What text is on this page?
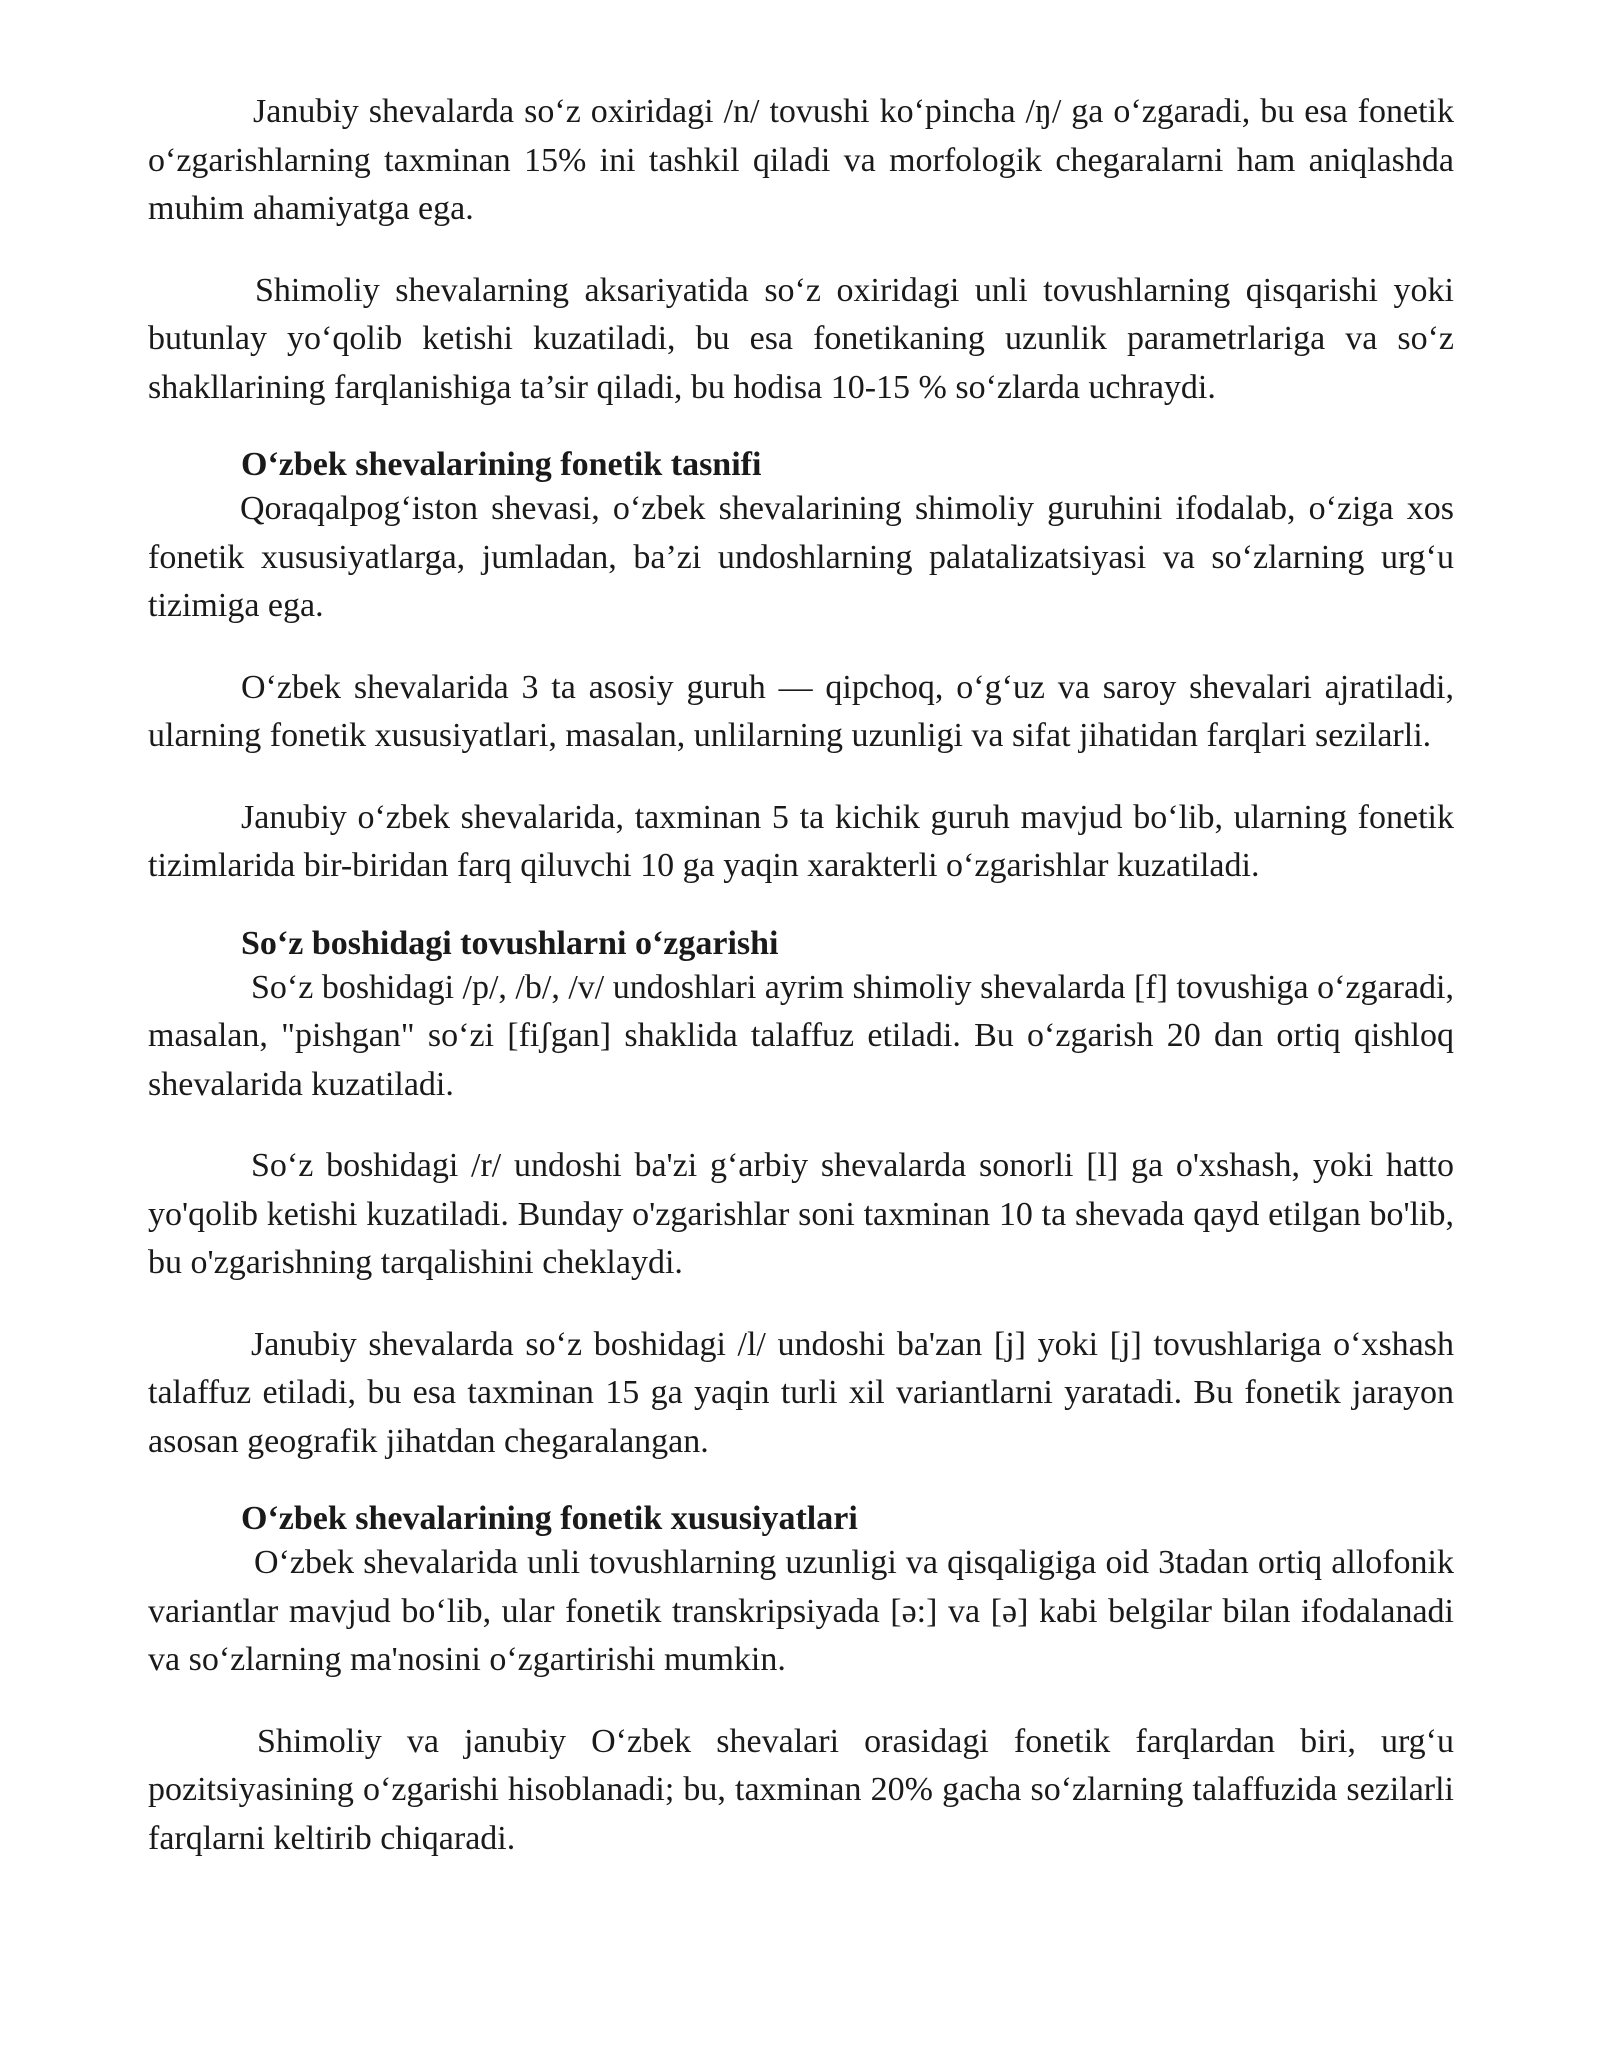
Janubiy shevalarda so‘z oxiridagi /n/ tovushi ko‘pincha /ŋ/ ga o‘zgaradi, bu esa fonetik o‘zgarishlarning taxminan 15% ini tashkil qiladi va morfologik chegaralarni ham aniqlashda muhim ahamiyatga ega.

Shimoliy shevalarning aksariyatida so‘z oxiridagi unli tovushlarning qisqarishi yoki butunlay yo‘qolib ketishi kuzatiladi, bu esa fonetikaning uzunlik parametrlariga va so‘z shakllarining farqlanishiga ta’sir qiladi, bu hodisa 10-15 % so‘zlarda uchraydi.

O‘zbek shevalarining fonetik tasnifi

Qoraqalpog‘iston shevasi, o‘zbek shevalarining shimoliy guruhini ifodalab, o‘ziga xos fonetik xususiyatlarga, jumladan, ba’zi undoshlarning palatalizatsiyasi va so‘zlarning urg‘u tizimiga ega.

O‘zbek shevalarida 3 ta asosiy guruh — qipchoq, o‘g‘uz va saroy shevalari ajratiladi, ularning fonetik xususiyatlari, masalan, unlilarning uzunligi va sifat jihatidan farqlari sezilarli.

Janubiy o‘zbek shevalarida, taxminan 5 ta kichik guruh mavjud bo‘lib, ularning fonetik tizimlarida bir-biridan farq qiluvchi 10 ga yaqin xarakterli o‘zgarishlar kuzatiladi.

So‘z boshidagi tovushlarni o‘zgarishi

So‘z boshidagi /p/, /b/, /v/ undoshlari ayrim shimoliy shevalarda [f] tovushiga o‘zgaradi, masalan, "pishgan" so‘zi [fiʃgan] shaklida talaffuz etiladi. Bu o‘zgarish 20 dan ortiq qishloq shevalarida kuzatiladi.

So‘z boshidagi /r/ undoshi ba'zi g‘arbiy shevalarda sonorli [l] ga o'xshash, yoki hatto yo'qolib ketishi kuzatiladi. Bunday o'zgarishlar soni taxminan 10 ta shevada qayd etilgan bo'lib, bu o'zgarishning tarqalishini cheklaydi.

Janubiy shevalarda so‘z boshidagi /l/ undoshi ba'zan [j] yoki [j] tovushlariga o‘xshash talaffuz etiladi, bu esa taxminan 15 ga yaqin turli xil variantlarni yaratadi. Bu fonetik jarayon asosan geografik jihatdan chegaralangan.

O‘zbek shevalarining fonetik xususiyatlari

O‘zbek shevalarida unli tovushlarning uzunligi va qisqaligiga oid 3tadan ortiq allofonik variantlar mavjud bo‘lib, ular fonetik transkripsiyada [ə:] va [ə] kabi belgilar bilan ifodalanadi va so‘zlarning ma'nosini o‘zgartirishi mumkin.

Shimoliy va janubiy O‘zbek shevalari orasidagi fonetik farqlardan biri, urg‘u pozitsiyasining o‘zgarishi hisoblanadi; bu, taxminan 20% gacha so‘zlarning talaffuzida sezilarli farqlarni keltirib chiqaradi.
